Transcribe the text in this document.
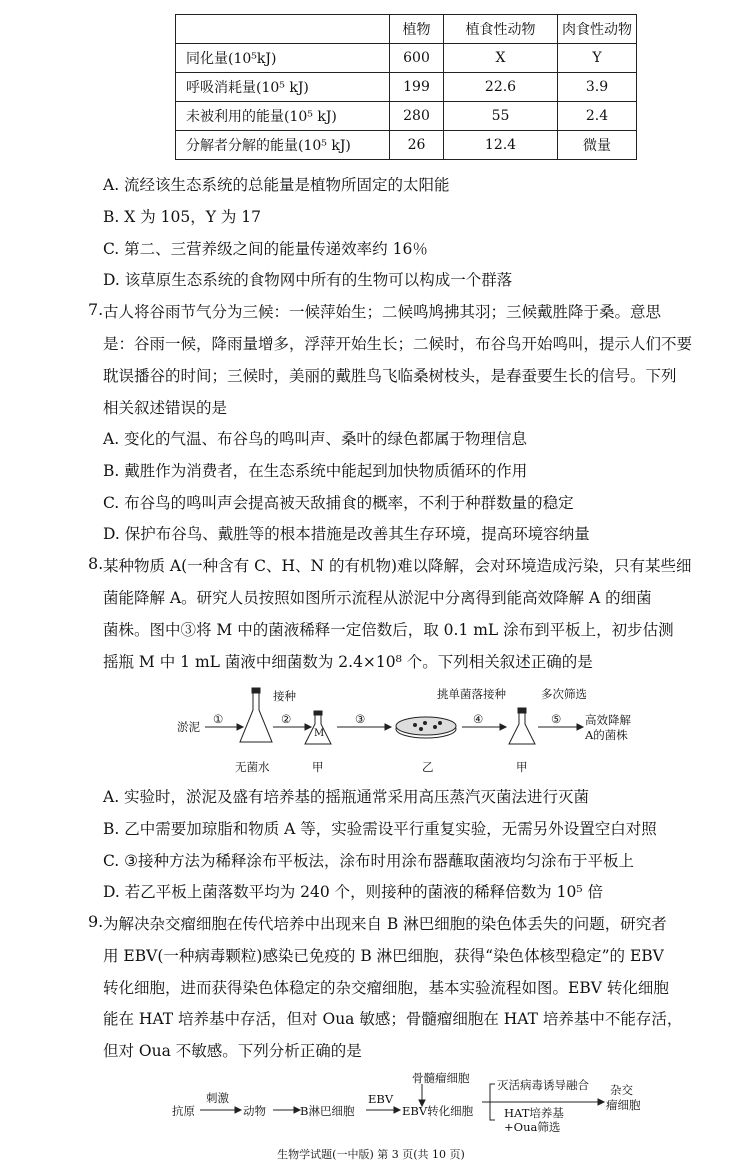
	植物	植食性动物	肉食性动物
同化量(10⁵kJ)	600	X	Y
呼吸消耗量(10⁵ kJ)	199	22.6	3.9
未被利用的能量(10⁵ kJ)	280	55	2.4
分解者分解的能量(10⁵ kJ)	26	12.4	微量
A. 流经该生态系统的总能量是植物所固定的太阳能
B. X 为 105，Y 为 17
C. 第二、三营养级之间的能量传递效率约 16％
D. 该草原生态系统的食物网中所有的生物可以构成一个群落
7. 古人将谷雨节气分为三候：一候萍始生；二候鸣鸠拂其羽；三候戴胜降于桑。意思
是：谷雨一候，降雨量增多，浮萍开始生长；二候时，布谷鸟开始鸣叫，提示人们不要
耽误播谷的时间；三候时，美丽的戴胜鸟飞临桑树枝头，是春蚕要生长的信号。下列
相关叙述错误的是
A. 变化的气温、布谷鸟的鸣叫声、桑叶的绿色都属于物理信息
B. 戴胜作为消费者，在生态系统中能起到加快物质循环的作用
C. 布谷鸟的鸣叫声会提高被天敌捕食的概率，不利于种群数量的稳定
D. 保护布谷鸟、戴胜等的根本措施是改善其生存环境，提高环境容纳量
8. 某种物质 A(一种含有 C、H、N 的有机物)难以降解，会对环境造成污染，只有某些细
菌能降解 A。研究人员按照如图所示流程从淤泥中分离得到能高效降解 A 的细菌
菌株。图中③将 M 中的菌液稀释一定倍数后，取 0.1 mL 涂布到平板上，初步估测
摇瓶 M 中 1 mL 菌液中细菌数为 2.4×10⁸ 个。下列相关叙述正确的是
接种	挑单菌落接种	多次筛选
淤泥
①	②	③	④	⑤
M
高效降解
A的菌株
无菌水	甲	乙	甲
A. 实验时，淤泥及盛有培养基的摇瓶通常采用高压蒸汽灭菌法进行灭菌
B. 乙中需要加琼脂和物质 A 等，实验需设平行重复实验，无需另外设置空白对照
C. ③接种方法为稀释涂布平板法，涂布时用涂布器蘸取菌液均匀涂布于平板上
D. 若乙平板上菌落数平均为 240 个，则接种的菌液的稀释倍数为 10⁵ 倍
9. 为解决杂交瘤细胞在传代培养中出现来自 B 淋巴细胞的染色体丢失的问题，研究者
用 EBV(一种病毒颗粒)感染已免疫的 B 淋巴细胞，获得“染色体核型稳定”的 EBV
转化细胞，进而获得染色体稳定的杂交瘤细胞，基本实验流程如图。EBV 转化细胞
能在 HAT 培养基中存活，但对 Oua 敏感；骨髓瘤细胞在 HAT 培养基中不能存活，
但对 Oua 不敏感。下列分析正确的是
抗原
刺激
动物	B淋巴细胞
EBV
EBV转化细胞
骨髓瘤细胞 灭活病毒诱导融合
HAT培养基
+Oua筛选
杂交
瘤细胞
生物学试题(一中版) 第 3 页(共 10 页)
